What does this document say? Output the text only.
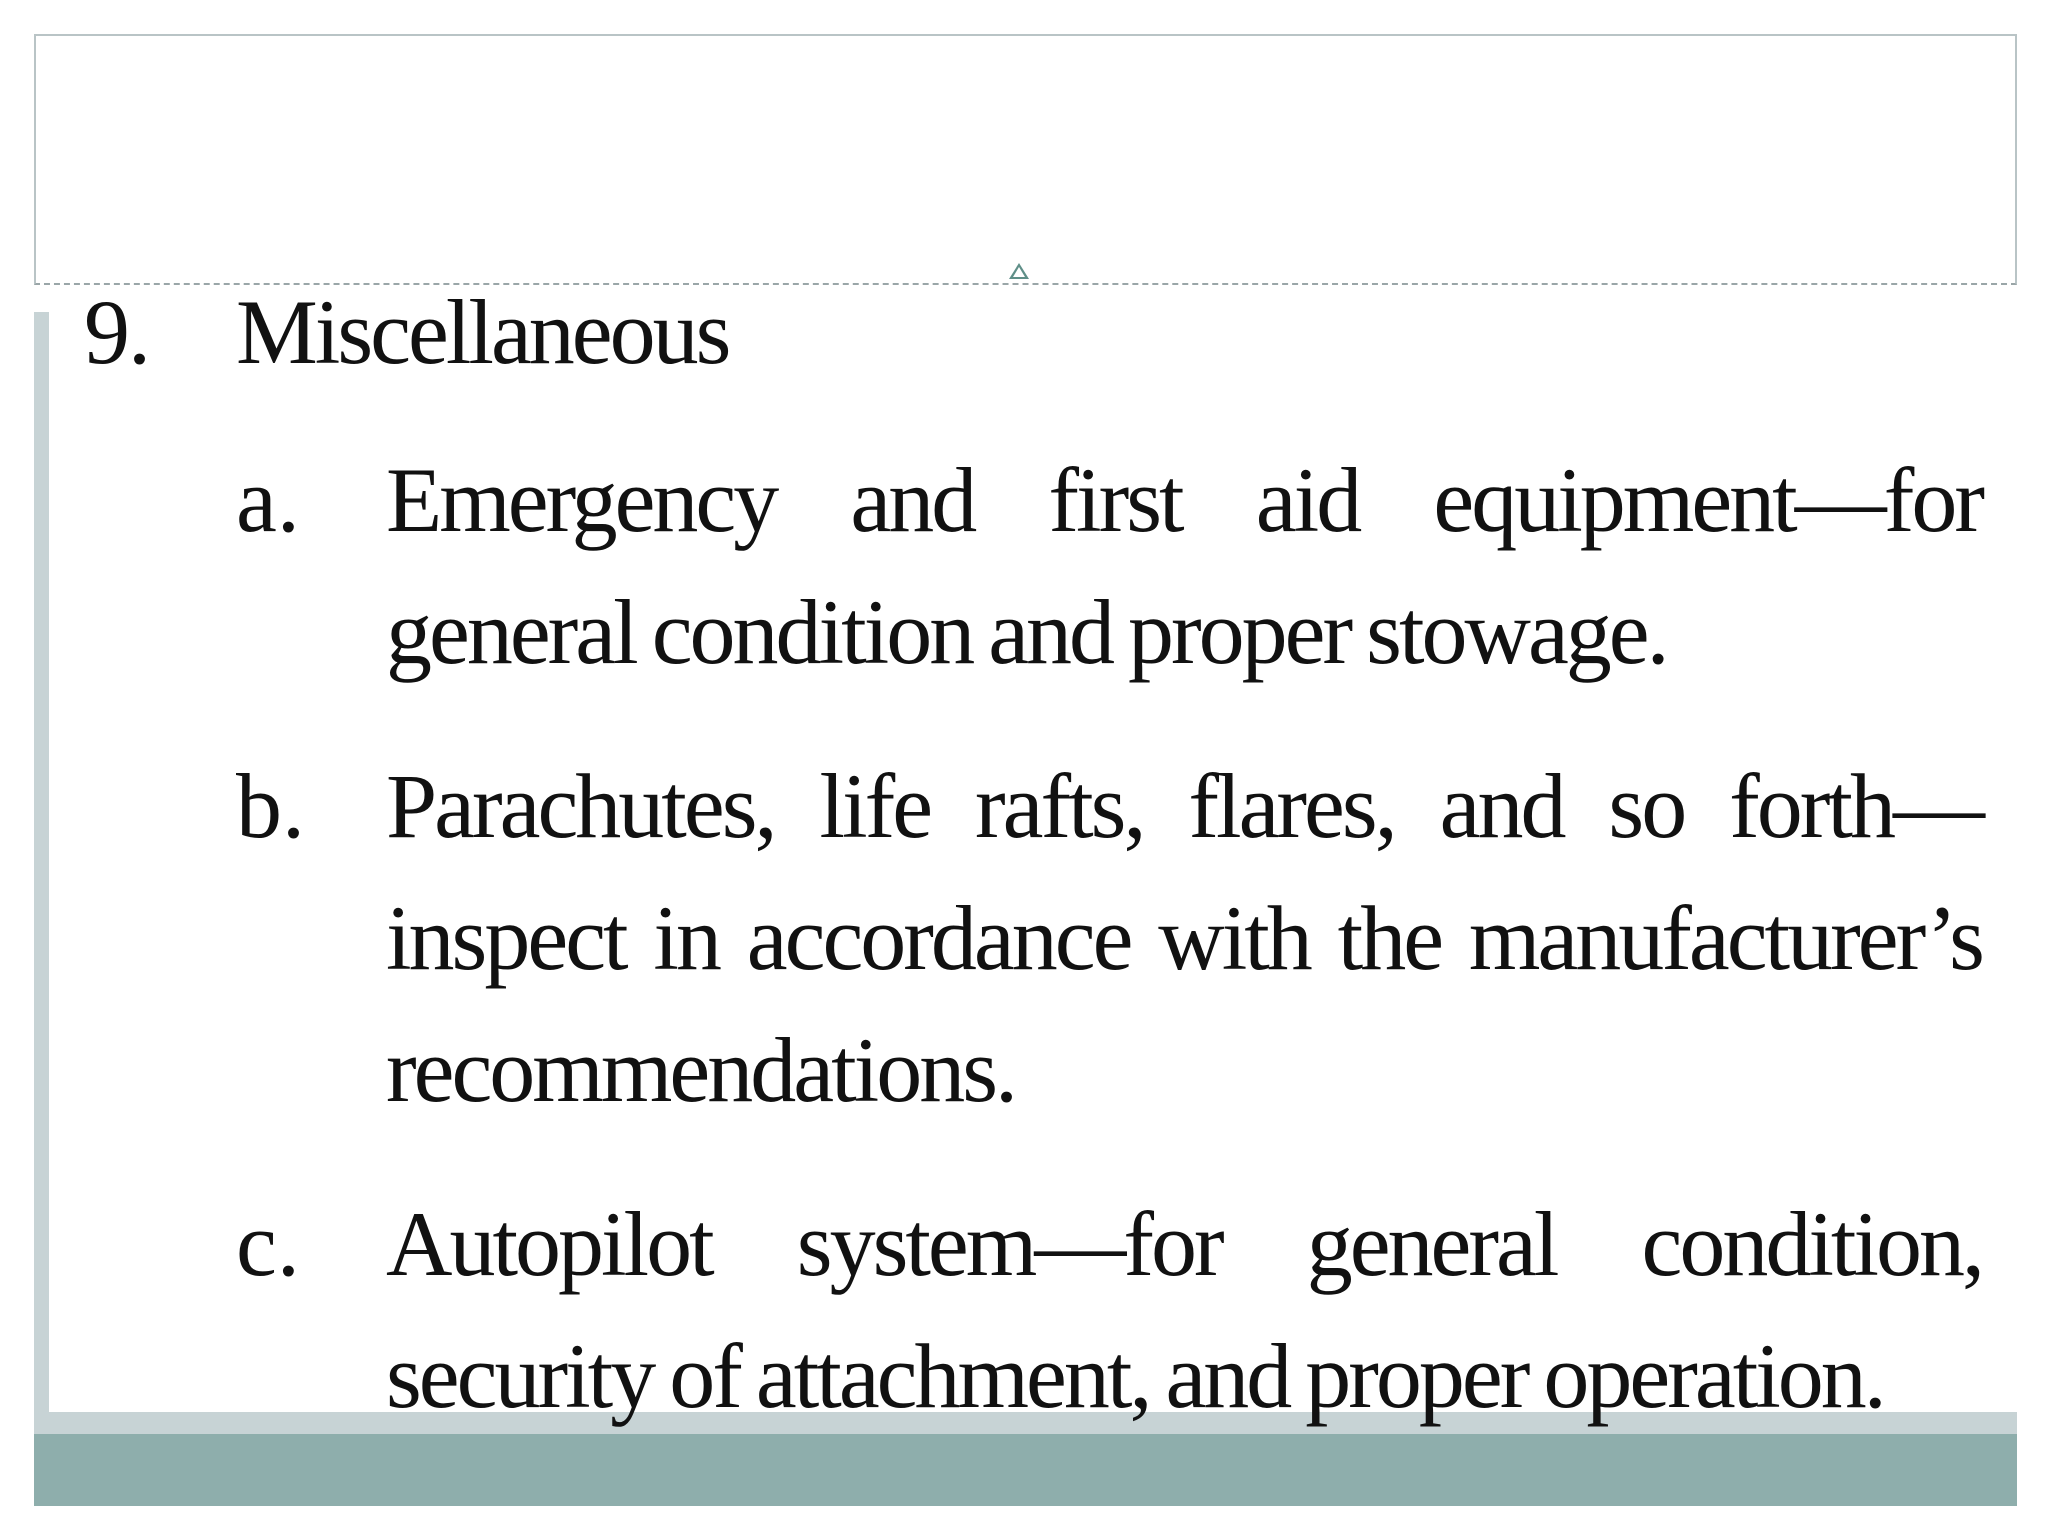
9. Miscellaneous
a. Emergency and first aid equipment—for general condition and proper stowage.
b. Parachutes, life rafts, flares, and so forth—inspect in accordance with the manufacturer’s recommendations.
c. Autopilot system—for general condition, security of attachment, and proper operation.
